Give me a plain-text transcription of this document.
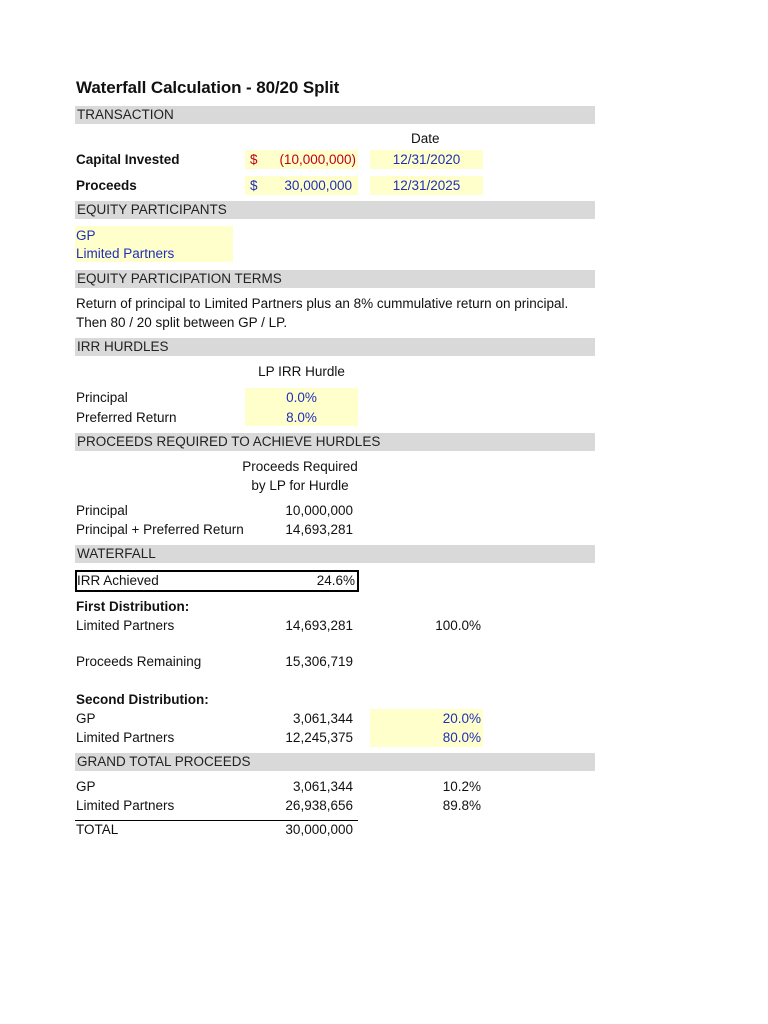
Waterfall Calculation - 80/20 Split
TRANSACTION
Date
Capital Invested	$	(10,000,000)	12/31/2020
Proceeds	$	30,000,000	12/31/2025
EQUITY PARTICIPANTS
GP
Limited Partners
EQUITY PARTICIPATION TERMS
Return of principal to Limited Partners plus an 8% cummulative return on principal.
Then 80 / 20 split between GP / LP.
IRR HURDLES
LP IRR Hurdle
Principal	0.0%
Preferred Return	8.0%
PROCEEDS REQUIRED TO ACHIEVE HURDLES
Proceeds Required
by LP for Hurdle
Principal	10,000,000
Principal + Preferred Return	14,693,281
WATERFALL
IRR Achieved	24.6%
First Distribution:
Limited Partners	14,693,281	100.0%
Proceeds Remaining	15,306,719
Second Distribution:
GP	3,061,344	20.0%
Limited Partners	12,245,375	80.0%
GRAND TOTAL PROCEEDS
GP	3,061,344	10.2%
Limited Partners	26,938,656	89.8%
TOTAL	30,000,000
